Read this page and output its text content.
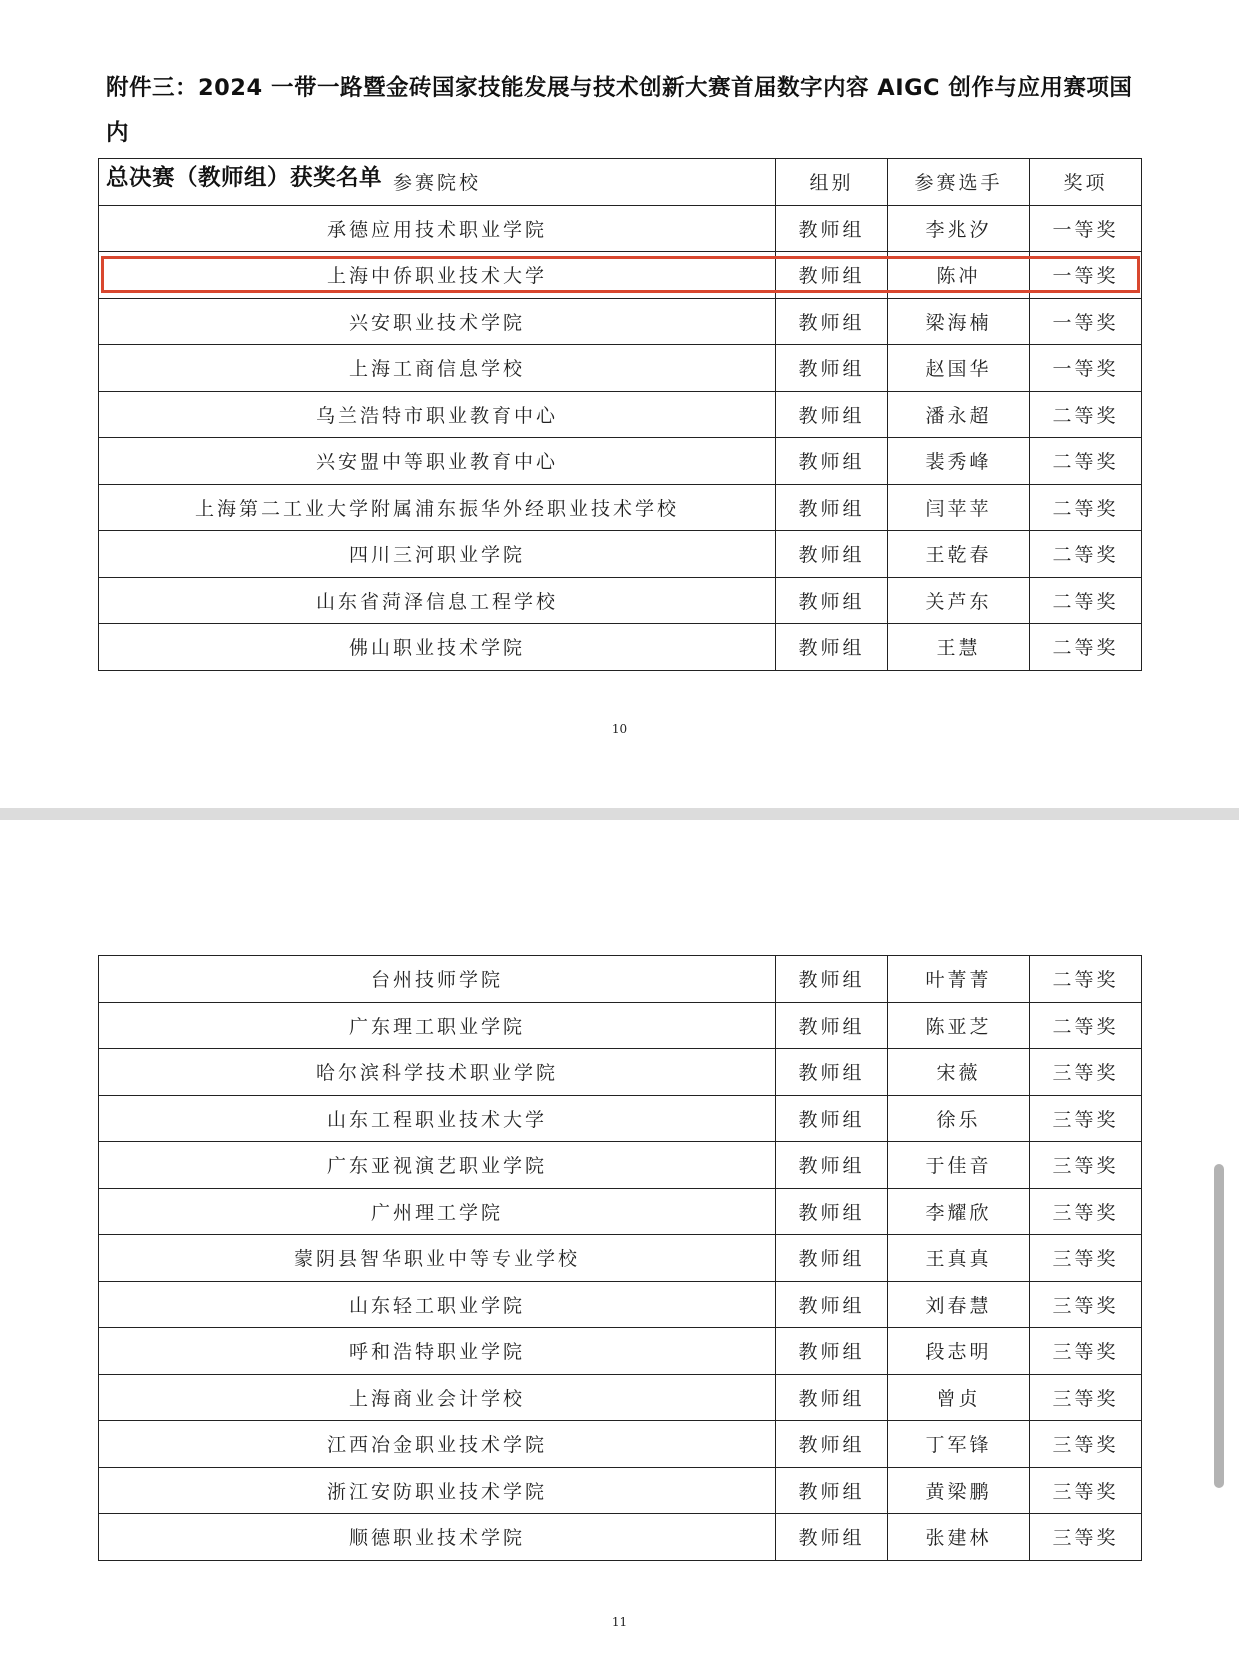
附件三：2024 一带一路暨金砖国家技能发展与技术创新大赛首届数字内容 AIGC 创作与应用赛项国内
总决赛（教师组）获奖名单 参赛院校	组别	参赛选手	奖项
承德应用技术职业学院	教师组	李兆汐	一等奖
上海中侨职业技术大学	教师组	陈冲	一等奖
兴安职业技术学院	教师组	梁海楠	一等奖
上海工商信息学校	教师组	赵国华	一等奖
乌兰浩特市职业教育中心	教师组	潘永超	二等奖
兴安盟中等职业教育中心	教师组	裴秀峰	二等奖
上海第二工业大学附属浦东振华外经职业技术学校	教师组	闫苹苹	二等奖
四川三河职业学院	教师组	王乾春	二等奖
山东省菏泽信息工程学校	教师组	关芦东	二等奖
佛山职业技术学院	教师组	王慧	二等奖
10
台州技师学院	教师组	叶菁菁	二等奖
广东理工职业学院	教师组	陈亚芝	二等奖
哈尔滨科学技术职业学院	教师组	宋薇	三等奖
山东工程职业技术大学	教师组	徐乐	三等奖
广东亚视演艺职业学院	教师组	于佳音	三等奖
广州理工学院	教师组	李耀欣	三等奖
蒙阴县智华职业中等专业学校	教师组	王真真	三等奖
山东轻工职业学院	教师组	刘春慧	三等奖
呼和浩特职业学院	教师组	段志明	三等奖
上海商业会计学校	教师组	曾贞	三等奖
江西冶金职业技术学院	教师组	丁军锋	三等奖
浙江安防职业技术学院	教师组	黄梁鹏	三等奖
顺德职业技术学院	教师组	张建林	三等奖
11
